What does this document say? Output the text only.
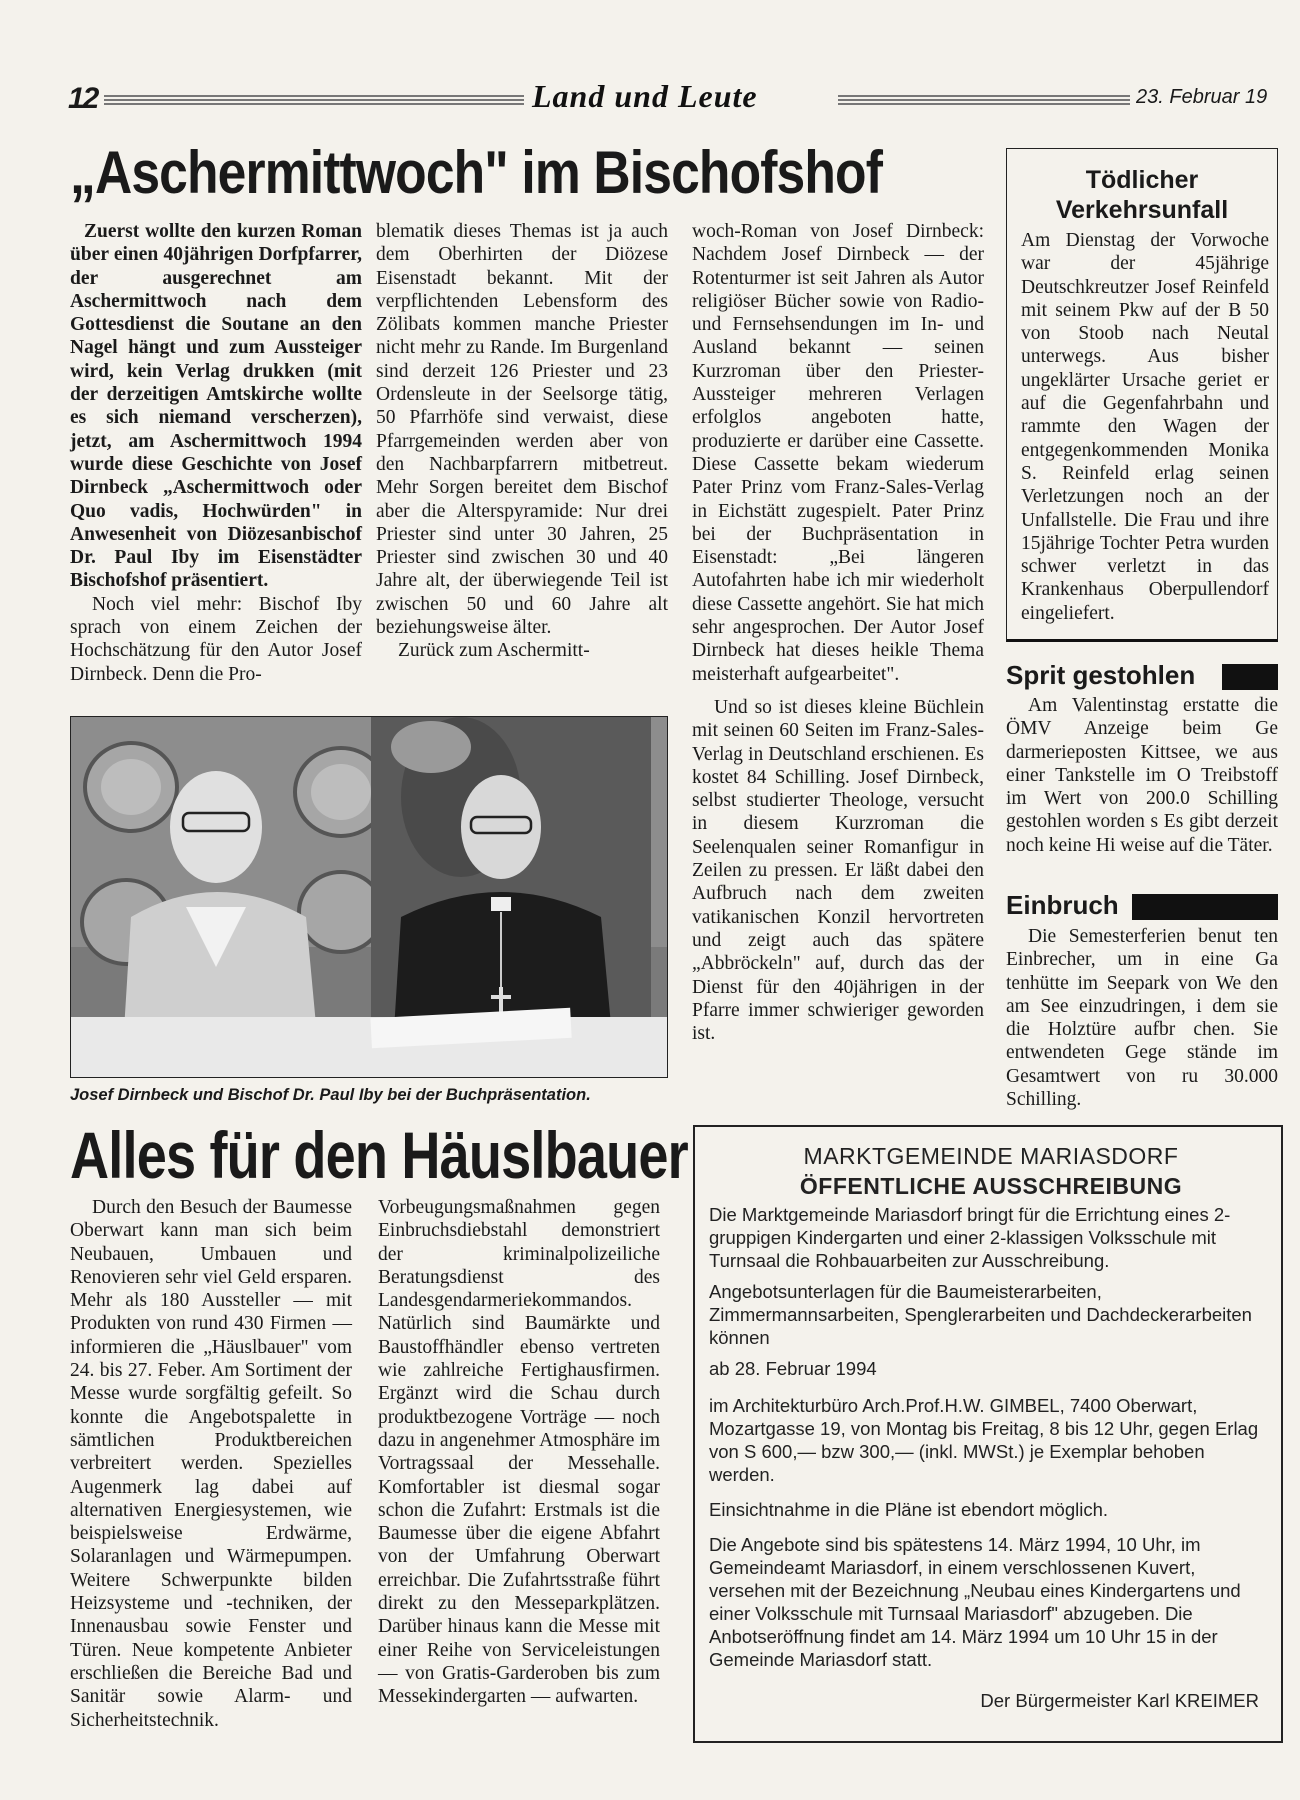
12	Land und Leute	23. Februar 19
„Aschermittwoch" im Bischofshof

Zuerst wollte den kurzen Roman über einen 40jährigen Dorfpfarrer, der ausgerechnet am Aschermittwoch nach dem Gottesdienst die Soutane an den Nagel hängt und zum Aussteiger wird, kein Verlag drukken (mit der derzeitigen Amtskirche wollte es sich niemand verscherzen), jetzt, am Aschermittwoch 1994 wurde diese Geschichte von Josef Dirnbeck „Aschermittwoch oder Quo vadis, Hochwürden" in Anwesenheit von Diözesanbischof Dr. Paul Iby im Eisenstädter Bischofshof präsentiert.

Noch viel mehr: Bischof Iby sprach von einem Zeichen der Hochschätzung für den Autor Josef Dirnbeck. Denn die Pro-

blematik dieses Themas ist ja auch dem Oberhirten der Diözese Eisenstadt bekannt. Mit der verpflichtenden Lebensform des Zölibats kommen manche Priester nicht mehr zu Rande. Im Burgenland sind derzeit 126 Priester und 23 Ordensleute in der Seelsorge tätig, 50 Pfarrhöfe sind verwaist, diese Pfarrgemeinden werden aber von den Nachbarpfarrern mitbetreut. Mehr Sorgen bereitet dem Bischof aber die Alterspyramide: Nur drei Priester sind unter 30 Jahren, 25 Priester sind zwischen 30 und 40 Jahre alt, der überwiegende Teil ist zwischen 50 und 60 Jahre alt beziehungsweise älter.

Zurück zum Aschermitt-

woch-Roman von Josef Dirnbeck: Nachdem Josef Dirnbeck — der Rotenturmer ist seit Jahren als Autor religiöser Bücher sowie von Radio- und Fernsehsendungen im In- und Ausland bekannt — seinen Kurzroman über den Priester-Aussteiger mehreren Verlagen erfolglos angeboten hatte, produzierte er darüber eine Cassette. Diese Cassette bekam wiederum Pater Prinz vom Franz-Sales-Verlag in Eichstätt zugespielt. Pater Prinz bei der Buchpräsentation in Eisenstadt: „Bei längeren Autofahrten habe ich mir wiederholt diese Cassette angehört. Sie hat mich sehr angesprochen. Der Autor Josef Dirnbeck hat dieses heikle Thema meisterhaft aufgearbeitet".

Und so ist dieses kleine Büchlein mit seinen 60 Seiten im Franz-Sales-Verlag in Deutschland erschienen. Es kostet 84 Schilling. Josef Dirnbeck, selbst studierter Theologe, versucht in diesem Kurzroman die Seelenqualen seiner Romanfigur in Zeilen zu pressen. Er läßt dabei den Aufbruch nach dem zweiten vatikanischen Konzil hervortreten und zeigt auch das spätere „Abbröckeln" auf, durch das der Dienst für den 40jährigen in der Pfarre immer schwieriger geworden ist.

Josef Dirnbeck und Bischof Dr. Paul Iby bei der Buchpräsentation.
Tödlicher
Verkehrsunfall
Am Dienstag der Vorwoche war der 45jährige Deutschkreutzer Josef Reinfeld mit seinem Pkw auf der B 50 von Stoob nach Neutal unterwegs. Aus bisher ungeklärter Ursache geriet er auf die Gegenfahrbahn und rammte den Wagen der entgegenkommenden Monika S. Reinfeld erlag seinen Verletzungen noch an der Unfallstelle. Die Frau und ihre 15jährige Tochter Petra wurden schwer verletzt in das Krankenhaus Oberpullendorf eingeliefert.
Sprit gestohlen
Am Valentinstag erstatte die ÖMV Anzeige beim Ge darmerieposten Kittsee, we aus einer Tankstelle im O Treibstoff im Wert von 200.0 Schilling gestohlen worden s Es gibt derzeit noch keine Hi weise auf die Täter.
Einbruch
Die Semesterferien benut ten Einbrecher, um in eine Ga tenhütte im Seepark von We den am See einzudringen, i dem sie die Holztüre aufbr chen. Sie entwendeten Gege stände im Gesamtwert von ru 30.000 Schilling.
Alles für den Häuslbauer
Durch den Besuch der Baumesse Oberwart kann man sich beim Neubauen, Umbauen und Renovieren sehr viel Geld ersparen. Mehr als 180 Aussteller — mit Produkten von rund 430 Firmen — informieren die „Häuslbauer" vom 24. bis 27. Feber. Am Sortiment der Messe wurde sorgfältig gefeilt. So konnte die Angebotspalette in sämtlichen Produktbereichen verbreitert werden. Spezielles Augenmerk lag dabei auf alternativen Energiesystemen, wie beispielsweise Erdwärme, Solaranlagen und Wärmepumpen. Weitere Schwerpunkte bilden Heizsysteme und -techniken, der Innenausbau sowie Fenster und Türen. Neue kompetente Anbieter erschließen die Bereiche Bad und Sanitär sowie Alarm- und Sicherheitstechnik.
Vorbeugungsmaßnahmen gegen Einbruchsdiebstahl demonstriert der kriminalpolizeiliche Beratungsdienst des Landesgendarmeriekommandos. Natürlich sind Baumärkte und Baustoffhändler ebenso vertreten wie zahlreiche Fertighausfirmen. Ergänzt wird die Schau durch produktbezogene Vorträge — noch dazu in angenehmer Atmosphäre im Vortragssaal der Messehalle. Komfortabler ist diesmal sogar schon die Zufahrt: Erstmals ist die Baumesse über die eigene Abfahrt von der Umfahrung Oberwart erreichbar. Die Zufahrtsstraße führt direkt zu den Messeparkplätzen. Darüber hinaus kann die Messe mit einer Reihe von Serviceleistungen — von Gratis-Garderoben bis zum Messekindergarten — aufwarten.
MARKTGEMEINDE MARIASDORF
ÖFFENTLICHE AUSSCHREIBUNG
Die Marktgemeinde Mariasdorf bringt für die Errichtung eines 2-gruppigen Kindergarten und einer 2-klassigen Volksschule mit Turnsaal die Rohbauarbeiten zur Ausschreibung.
Angebotsunterlagen für die Baumeisterarbeiten, Zimmermannsarbeiten, Spenglerarbeiten und Dachdeckerarbeiten können
ab 28. Februar 1994
im Architekturbüro Arch.Prof.H.W. GIMBEL, 7400 Oberwart, Mozartgasse 19, von Montag bis Freitag, 8 bis 12 Uhr, gegen Erlag von S 600,— bzw 300,— (inkl. MWSt.) je Exemplar behoben werden.
Einsichtnahme in die Pläne ist ebendort möglich.
Die Angebote sind bis spätestens 14. März 1994, 10 Uhr, im Gemeindeamt Mariasdorf, in einem verschlossenen Kuvert, versehen mit der Bezeichnung „Neubau eines Kindergartens und einer Volksschule mit Turnsaal Mariasdorf" abzugeben. Die Anbotseröffnung findet am 14. März 1994 um 10 Uhr 15 in der Gemeinde Mariasdorf statt.
Der Bürgermeister Karl KREIMER
